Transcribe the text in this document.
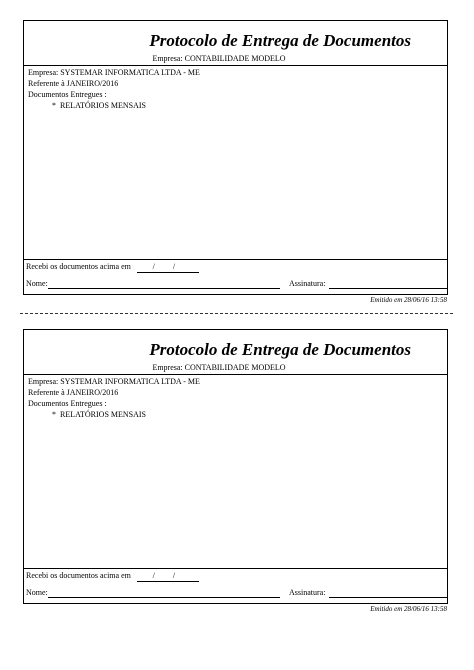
Protocolo de Entrega de Documentos
Empresa: CONTABILIDADE MODELO
Empresa: SYSTEMAR INFORMATICA LTDA - ME
Referente à JANEIRO/2016
Documentos Entregues :
* RELATÓRIOS MENSAIS
Recebi os documentos acima em	/ /
Nome:	Assinatura:
Emitido em 28/06/16 13:58
Protocolo de Entrega de Documentos
Empresa: CONTABILIDADE MODELO
Empresa: SYSTEMAR INFORMATICA LTDA - ME
Referente à JANEIRO/2016
Documentos Entregues :
* RELATÓRIOS MENSAIS
Recebi os documentos acima em	/ /
Nome:	Assinatura:
Emitido em 28/06/16 13:58
